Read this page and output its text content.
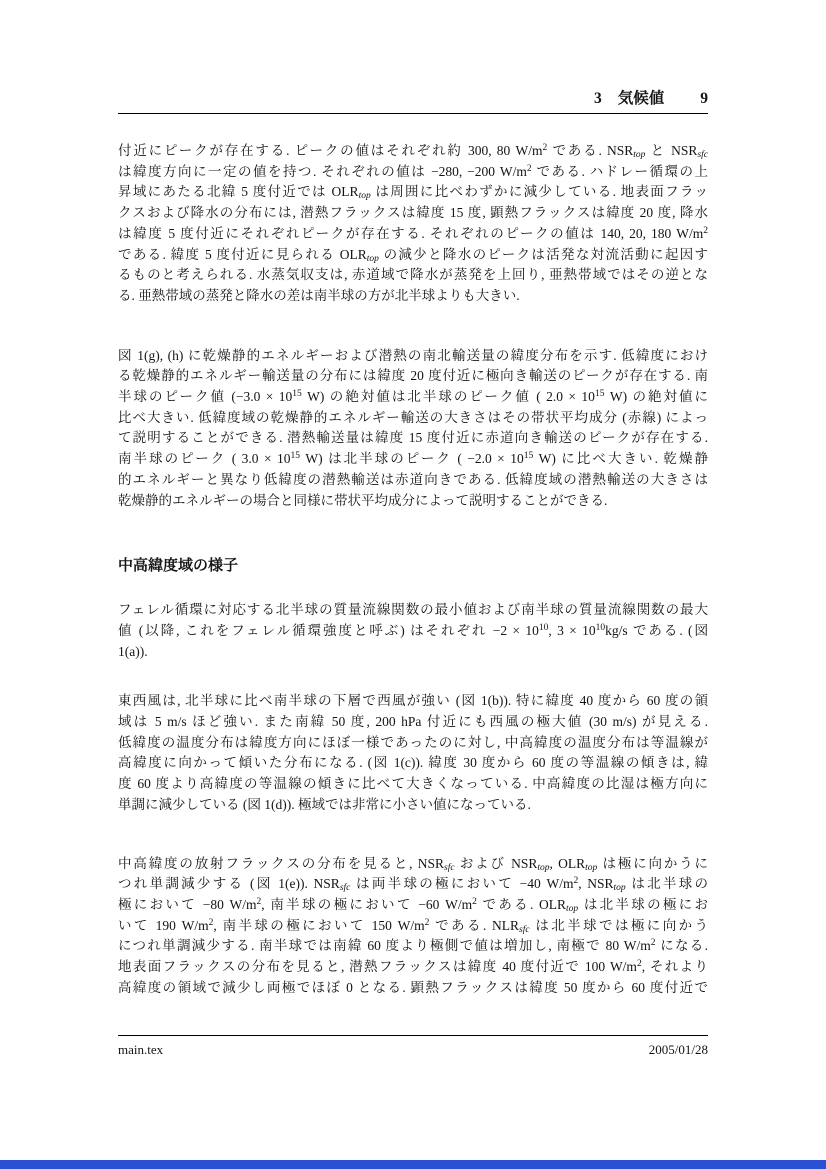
3 気候値 9
付近にピークが存在する. ピークの値はそれぞれ約 300, 80 $W/m^2$ である. $NSR_{top}$ と $NSR_{sfc}$
は緯度方向に一定の値を持つ. それぞれの値は −280, −200 $W/m^2$ である. ハドレー循環の上
昇域にあたる北緯 5 度付近では $OLR_{top}$ は周囲に比べわずかに減少している. 地表面フラッ
クスおよび降水の分布には, 潜熱フラックスは緯度 15 度, 顕熱フラックスは緯度 20 度, 降水
は緯度 5 度付近にそれぞれピークが存在する. それぞれのピークの値は 140, 20, 180 $W/m^2$
である. 緯度 5 度付近に見られる $OLR_{top}$ の減少と降水のピークは活発な対流活動に起因す
るものと考えられる. 水蒸気収支は, 赤道域で降水が蒸発を上回り, 亜熱帯域ではその逆とな
る. 亜熱帯域の蒸発と降水の差は南半球の方が北半球よりも大きい.
図 1(g), (h) に乾燥静的エネルギーおよび潜熱の南北輸送量の緯度分布を示す. 低緯度におけ
る乾燥静的エネルギー輸送量の分布には緯度 20 度付近に極向き輸送のピークが存在する. 南
半球のピーク値 ($-3.0 \times 10^{15}$ W) の絶対値は北半球のピーク値 ( $2.0 \times 10^{15}$ W) の絶対値に
比べ大きい. 低緯度域の乾燥静的エネルギー輸送の大きさはその帯状平均成分 (赤線) によっ
て説明することができる. 潜熱輸送量は緯度 15 度付近に赤道向き輸送のピークが存在する.
南半球のピーク ( $3.0 \times 10^{15}$ W) は北半球のピーク ( $-2.0 \times 10^{15}$ W) に比べ大きい. 乾燥静
的エネルギーと異なり低緯度の潜熱輸送は赤道向きである. 低緯度域の潜熱輸送の大きさは
乾燥静的エネルギーの場合と同様に帯状平均成分によって説明することができる.
中高緯度域の様子
フェレル循環に対応する北半球の質量流線関数の最小値および南半球の質量流線関数の最大
値 (以降, これをフェレル循環強度と呼ぶ) はそれぞれ $-2 \times 10^{10}$, $3 \times 10^{10}kg/s$ である. (図
1(a)).
東西風は, 北半球に比べ南半球の下層で西風が強い (図 1(b)). 特に緯度 40 度から 60 度の領
域は 5 m/s ほど強い. また南緯 50 度, 200 hPa 付近にも西風の極大値 (30 m/s) が見える.
低緯度の温度分布は緯度方向にほぼ一様であったのに対し, 中高緯度の温度分布は等温線が
高緯度に向かって傾いた分布になる. (図 1(c)). 緯度 30 度から 60 度の等温線の傾きは, 緯
度 60 度より高緯度の等温線の傾きに比べて大きくなっている. 中高緯度の比湿は極方向に
単調に減少している (図 1(d)). 極域では非常に小さい値になっている.
中高緯度の放射フラックスの分布を見ると, $NSR_{sfc}$ および $NSR_{top}$, $OLR_{top}$ は極に向かうに
つれ単調減少する (図 1(e)). $NSR_{sfc}$ は両半球の極において −40 $W/m^2$, $NSR_{top}$ は北半球の
極において −80 $W/m^2$, 南半球の極において −60 $W/m^2$ である. $OLR_{top}$ は北半球の極にお
いて 190 $W/m^2$, 南半球の極において 150 $W/m^2$ である. $NLR_{sfc}$ は北半球では極に向かう
につれ単調減少する. 南半球では南緯 60 度より極側で値は増加し, 南極で 80 $W/m^2$ になる.
地表面フラックスの分布を見ると, 潜熱フラックスは緯度 40 度付近で 100 $W/m^2$, それより
高緯度の領域で減少し両極でほぼ 0 となる. 顕熱フラックスは緯度 50 度から 60 度付近で
main.tex	2005/01/28
